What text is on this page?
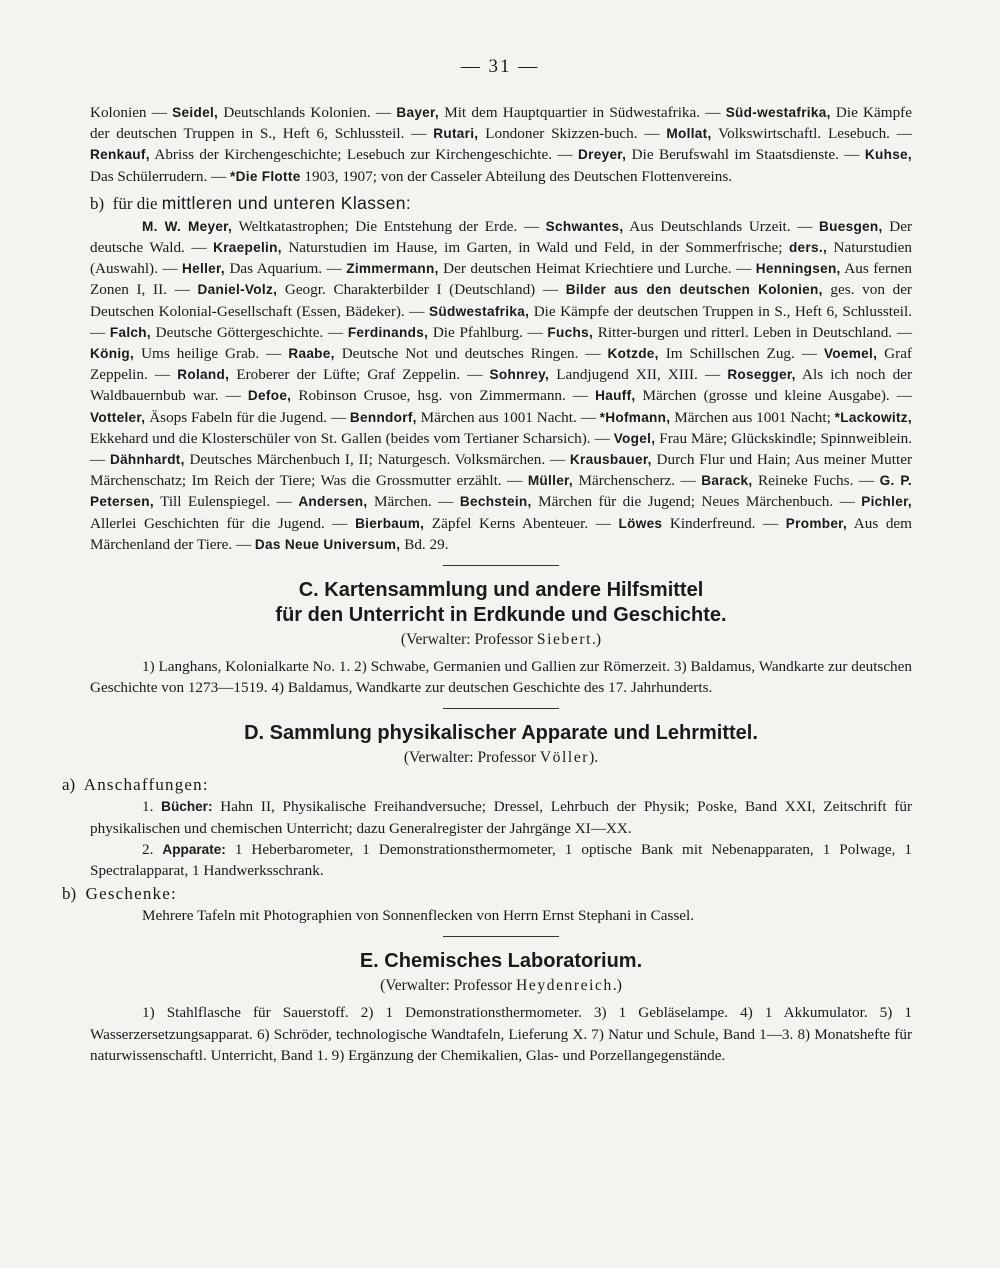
— 31 —

Kolonien — Seidel, Deutschlands Kolonien. — Bayer, Mit dem Hauptquartier in Südwestafrika. — Süd-westafrika, Die Kämpfe der deutschen Truppen in S., Heft 6, Schlussteil. — Rutari, Londoner Skizzen-buch. — Mollat, Volkswirtschaftl. Lesebuch. — Renkauf, Abriss der Kirchengeschichte; Lesebuch zur Kirchengeschichte. — Dreyer, Die Berufswahl im Staatsdienste. — Kuhse, Das Schülerrudern. — *Die Flotte 1903, 1907; von der Casseler Abteilung des Deutschen Flottenvereins.

b) für die mittleren und unteren Klassen:

M. W. Meyer, Weltkatastrophen; Die Entstehung der Erde. — Schwantes, Aus Deutschlands Urzeit. — Buesgen, Der deutsche Wald. — Kraepelin, Naturstudien im Hause, im Garten, in Wald und Feld, in der Sommerfrische; ders., Naturstudien (Auswahl). — Heller, Das Aquarium. — Zimmermann, Der deutschen Heimat Kriechtiere und Lurche. — Henningsen, Aus fernen Zonen I, II. — Daniel-Volz, Geogr. Charakterbilder I (Deutschland) — Bilder aus den deutschen Kolonien, ges. von der Deutschen Kolonial-Gesellschaft (Essen, Bädeker). — Südwestafrika, Die Kämpfe der deutschen Truppen in S., Heft 6, Schlussteil. — Falch, Deutsche Göttergeschichte. — Ferdinands, Die Pfahlburg. — Fuchs, Ritter-burgen und ritterl. Leben in Deutschland. — König, Ums heilige Grab. — Raabe, Deutsche Not und deutsches Ringen. — Kotzde, Im Schillschen Zug. — Voemel, Graf Zeppelin. — Roland, Eroberer der Lüfte; Graf Zeppelin. — Sohnrey, Landjugend XII, XIII. — Rosegger, Als ich noch der Waldbauernbub war. — Defoe, Robinson Crusoe, hsg. von Zimmermann. — Hauff, Märchen (grosse und kleine Ausgabe). — Votteler, Äsops Fabeln für die Jugend. — Benndorf, Märchen aus 1001 Nacht. — *Hofmann, Märchen aus 1001 Nacht; *Lackowitz, Ekkehard und die Klosterschüler von St. Gallen (beides vom Tertianer Scharsich). — Vogel, Frau Märe; Glückskindle; Spinnweiblein. — Dähnhardt, Deutsches Märchenbuch I, II; Naturgesch. Volksmärchen. — Krausbauer, Durch Flur und Hain; Aus meiner Mutter Märchenschatz; Im Reich der Tiere; Was die Grossmutter erzählt. — Müller, Märchenscherz. — Barack, Reineke Fuchs. — G. P. Petersen, Till Eulenspiegel. — Andersen, Märchen. — Bechstein, Märchen für die Jugend; Neues Märchenbuch. — Pichler, Allerlei Geschichten für die Jugend. — Bierbaum, Zäpfel Kerns Abenteuer. — Löwes Kinderfreund. — Promber, Aus dem Märchenland der Tiere. — Das Neue Universum, Bd. 29.

C. Kartensammlung und andere Hilfsmittel

für den Unterricht in Erdkunde und Geschichte.

(Verwalter: Professor Siebert.)

1) Langhans, Kolonialkarte No. 1. 2) Schwabe, Germanien und Gallien zur Römerzeit. 3) Baldamus, Wandkarte zur deutschen Geschichte von 1273—1519. 4) Baldamus, Wandkarte zur deutschen Geschichte des 17. Jahrhunderts.

D. Sammlung physikalischer Apparate und Lehrmittel.

(Verwalter: Professor Völler).

a) Anschaffungen:

1. Bücher: Hahn II, Physikalische Freihandversuche; Dressel, Lehrbuch der Physik; Poske, Band XXI, Zeitschrift für physikalischen und chemischen Unterricht; dazu Generalregister der Jahrgänge XI—XX.

2. Apparate: 1 Heberbarometer, 1 Demonstrationsthermometer, 1 optische Bank mit Nebenapparaten, 1 Polwage, 1 Spectralapparat, 1 Handwerksschrank.

b) Geschenke:

Mehrere Tafeln mit Photographien von Sonnenflecken von Herrn Ernst Stephani in Cassel.

E. Chemisches Laboratorium.

(Verwalter: Professor Heydenreich.)

1) Stahlflasche für Sauerstoff. 2) 1 Demonstrationsthermometer. 3) 1 Gebläselampe. 4) 1 Akkumulator. 5) 1 Wasserzersetzungsapparat. 6) Schröder, technologische Wandtafeln, Lieferung X. 7) Natur und Schule, Band 1—3. 8) Monatshefte für naturwissenschaftl. Unterricht, Band 1. 9) Ergänzung der Chemikalien, Glas- und Porzellangegenstände.
